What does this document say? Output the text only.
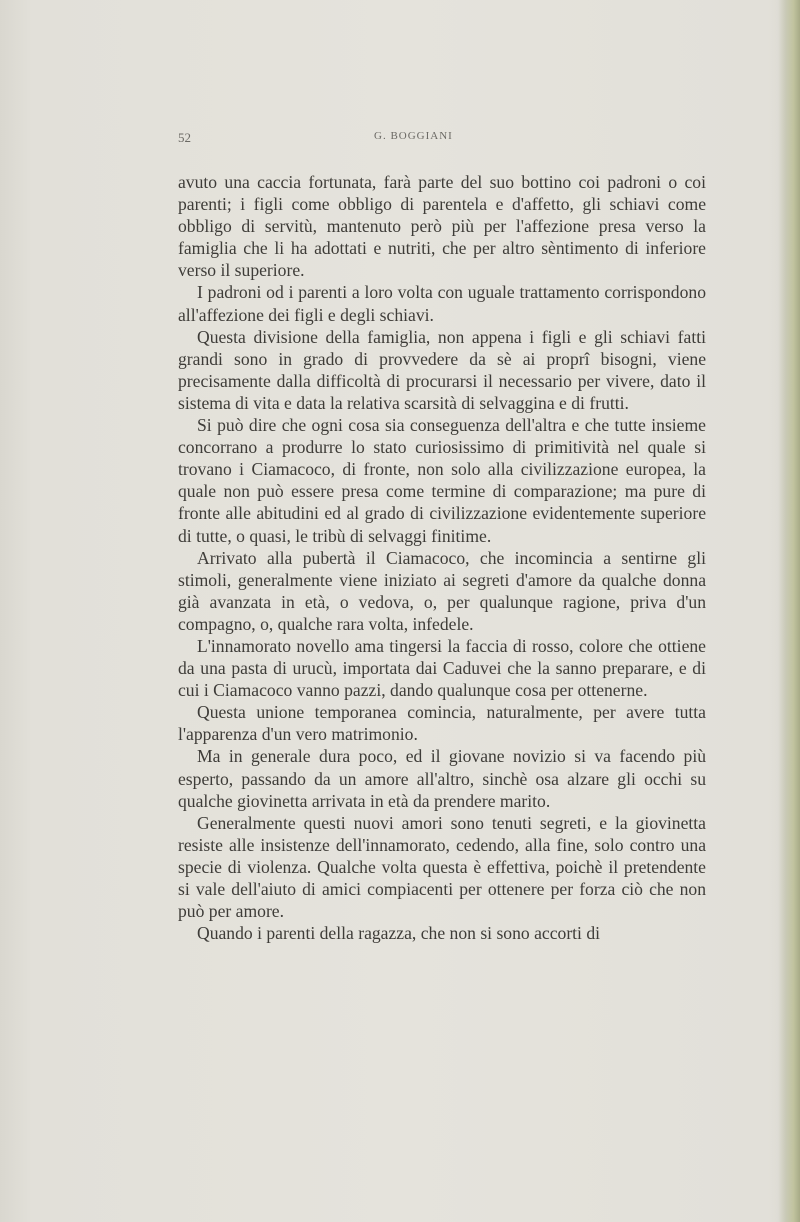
52	G. BOGGIANI

avuto una caccia fortunata, farà parte del suo bottino coi padroni o coi parenti; i figli come obbligo di parentela e d'affetto, gli schiavi come obbligo di servitù, mantenuto però più per l'affezione presa verso la famiglia che li ha adottati e nutriti, che per altro sèntimento di inferiore verso il superiore.

I padroni od i parenti a loro volta con uguale trattamento corrispondono all'affezione dei figli e degli schiavi.

Questa divisione della famiglia, non appena i figli e gli schiavi fatti grandi sono in grado di provvedere da sè ai proprî bisogni, viene precisamente dalla difficoltà di procurarsi il necessario per vivere, dato il sistema di vita e data la relativa scarsità di selvaggina e di frutti.

Si può dire che ogni cosa sia conseguenza dell'altra e che tutte insieme concorrano a produrre lo stato curiosissimo di primitività nel quale si trovano i Ciamacoco, di fronte, non solo alla civilizzazione europea, la quale non può essere presa come termine di comparazione; ma pure di fronte alle abitudini ed al grado di civilizzazione evidentemente superiore di tutte, o quasi, le tribù di selvaggi finitime.

Arrivato alla pubertà il Ciamacoco, che incomincia a sentirne gli stimoli, generalmente viene iniziato ai segreti d'amore da qualche donna già avanzata in età, o vedova, o, per qualunque ragione, priva d'un compagno, o, qualche rara volta, infedele.

L'innamorato novello ama tingersi la faccia di rosso, colore che ottiene da una pasta di urucù, importata dai Caduvei che la sanno preparare, e di cui i Ciamacoco vanno pazzi, dando qualunque cosa per ottenerne.

Questa unione temporanea comincia, naturalmente, per avere tutta l'apparenza d'un vero matrimonio.

Ma in generale dura poco, ed il giovane novizio si va facendo più esperto, passando da un amore all'altro, sinchè osa alzare gli occhi su qualche giovinetta arrivata in età da prendere marito.

Generalmente questi nuovi amori sono tenuti segreti, e la giovinetta resiste alle insistenze dell'innamorato, cedendo, alla fine, solo contro una specie di violenza. Qualche volta questa è effettiva, poichè il pretendente si vale dell'aiuto di amici compiacenti per ottenere per forza ciò che non può per amore.

Quando i parenti della ragazza, che non si sono accorti di
